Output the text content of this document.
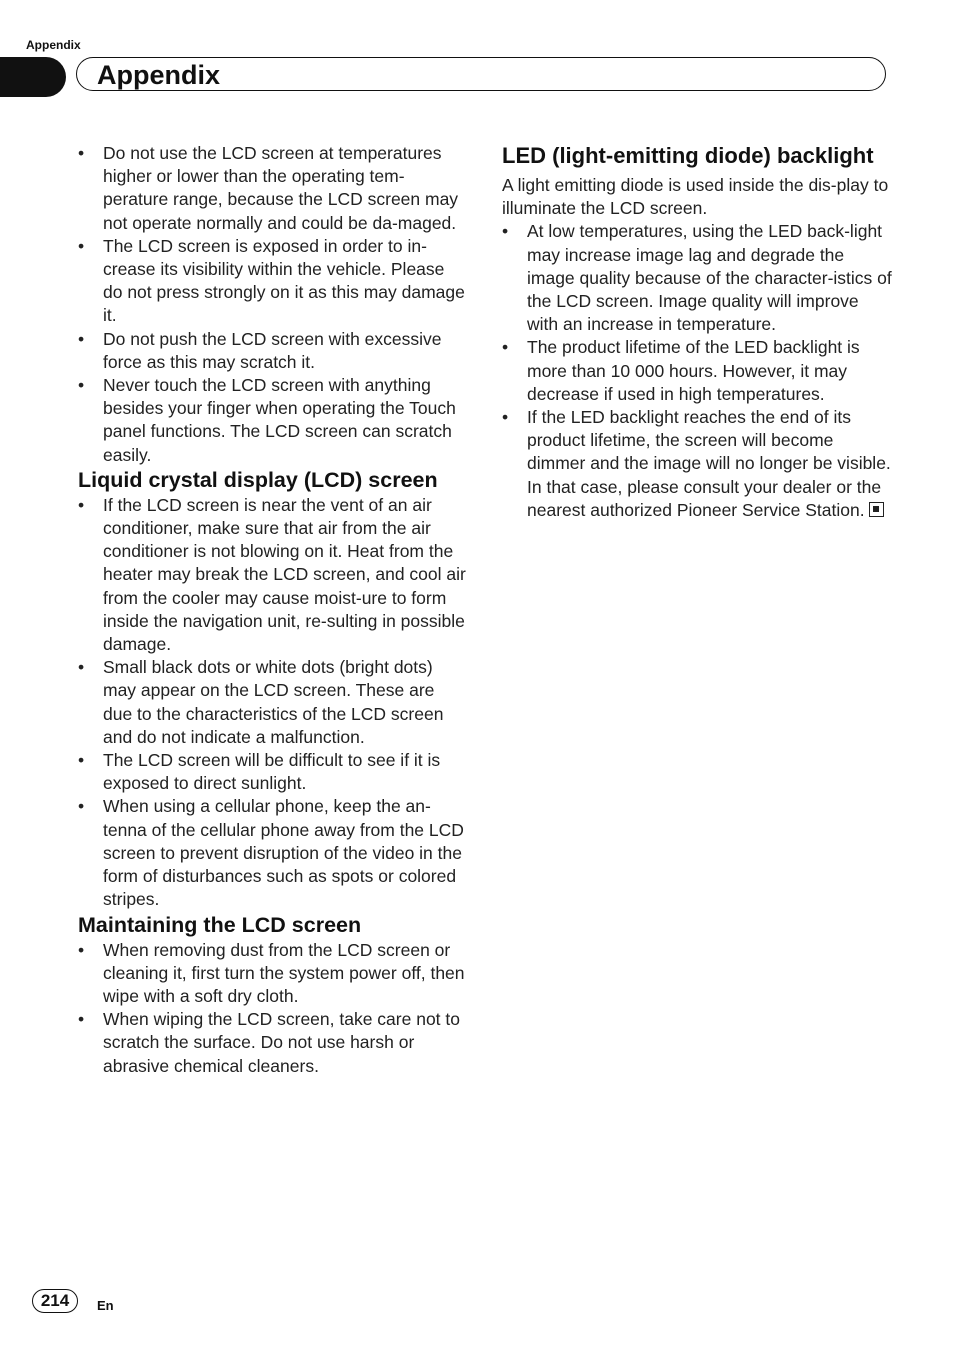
Appendix
Appendix
• Do not use the LCD screen at temperatures higher or lower than the operating tem-perature range, because the LCD screen may not operate normally and could be da-maged.
• The LCD screen is exposed in order to in-crease its visibility within the vehicle. Please do not press strongly on it as this may damage it.
• Do not push the LCD screen with excessive force as this may scratch it.
• Never touch the LCD screen with anything besides your finger when operating the Touch panel functions. The LCD screen can scratch easily.
Liquid crystal display (LCD) screen
• If the LCD screen is near the vent of an air conditioner, make sure that air from the air conditioner is not blowing on it. Heat from the heater may break the LCD screen, and cool air from the cooler may cause moist-ure to form inside the navigation unit, re-sulting in possible damage.
• Small black dots or white dots (bright dots) may appear on the LCD screen. These are due to the characteristics of the LCD screen and do not indicate a malfunction.
• The LCD screen will be difficult to see if it is exposed to direct sunlight.
• When using a cellular phone, keep the an-tenna of the cellular phone away from the LCD screen to prevent disruption of the video in the form of disturbances such as spots or colored stripes.
Maintaining the LCD screen
• When removing dust from the LCD screen or cleaning it, first turn the system power off, then wipe with a soft dry cloth.
• When wiping the LCD screen, take care not to scratch the surface. Do not use harsh or abrasive chemical cleaners.
LED (light-emitting diode) backlight

A light emitting diode is used inside the dis-play to illuminate the LCD screen.

• At low temperatures, using the LED back-light may increase image lag and degrade the image quality because of the character-istics of the LCD screen. Image quality will improve with an increase in temperature.
• The product lifetime of the LED backlight is more than 10 000 hours. However, it may decrease if used in high temperatures.
• If the LED backlight reaches the end of its product lifetime, the screen will become dimmer and the image will no longer be visible. In that case, please consult your dealer or the nearest authorized Pioneer Service Station.
214	En
